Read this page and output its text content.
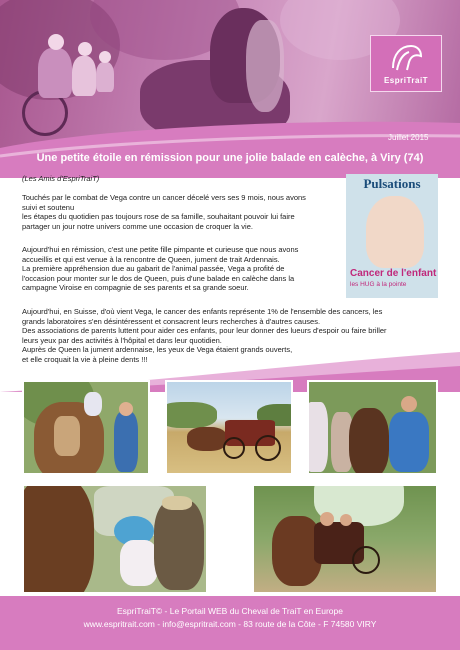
EspriTraiT
Juillet 2015
Une petite étoile en rémission pour une jolie balade en calèche, à Viry (74)
Pulsations
Cancer de l'enfant
les HUG à la pointe
(Les Amis d'EspriTraiT)
Touchés par le combat de Vega contre un cancer décelé vers ses 9 mois, nous avons
suivi et soutenu
les étapes du quotidien pas toujours rose de sa famille, souhaitant pouvoir lui faire
partager un jour notre univers comme une occasion de croquer la vie.
Aujourd'hui en rémission, c'est une petite fille pimpante et curieuse que nous avons
accueillis et qui est venue à la rencontre de Queen, jument de trait Ardennais.
La première appréhension due au gabarit de l'animal passée, Vega a profité de
l'occasion pour monter sur le dos de Queen, puis d'une balade en calèche dans la
campagne Viroise en compagnie de ses parents et sa grande soeur.
Aujourd'hui, en Suisse, d'où vient Vega, le cancer des enfants représente 1% de l'ensemble des cancers, les
grands laboratoires s'en désintéressent et consacrent leurs recherches à d'autres causes.
Des associations de parents luttent pour aider ces enfants, pour leur donner des lueurs d'espoir ou faire briller
leurs yeux par des activités à l'hôpital et dans leur quotidien.
Auprès de Queen la jument ardennaise, les yeux de Vega étaient grands ouverts,
et elle croquait la vie à pleine dents !!!
EspriTraiT© - Le Portail WEB du Cheval de TraiT en Europe
www.espritrait.com - info@espritrait.com - 83 route de la Côte - F 74580 VIRY
